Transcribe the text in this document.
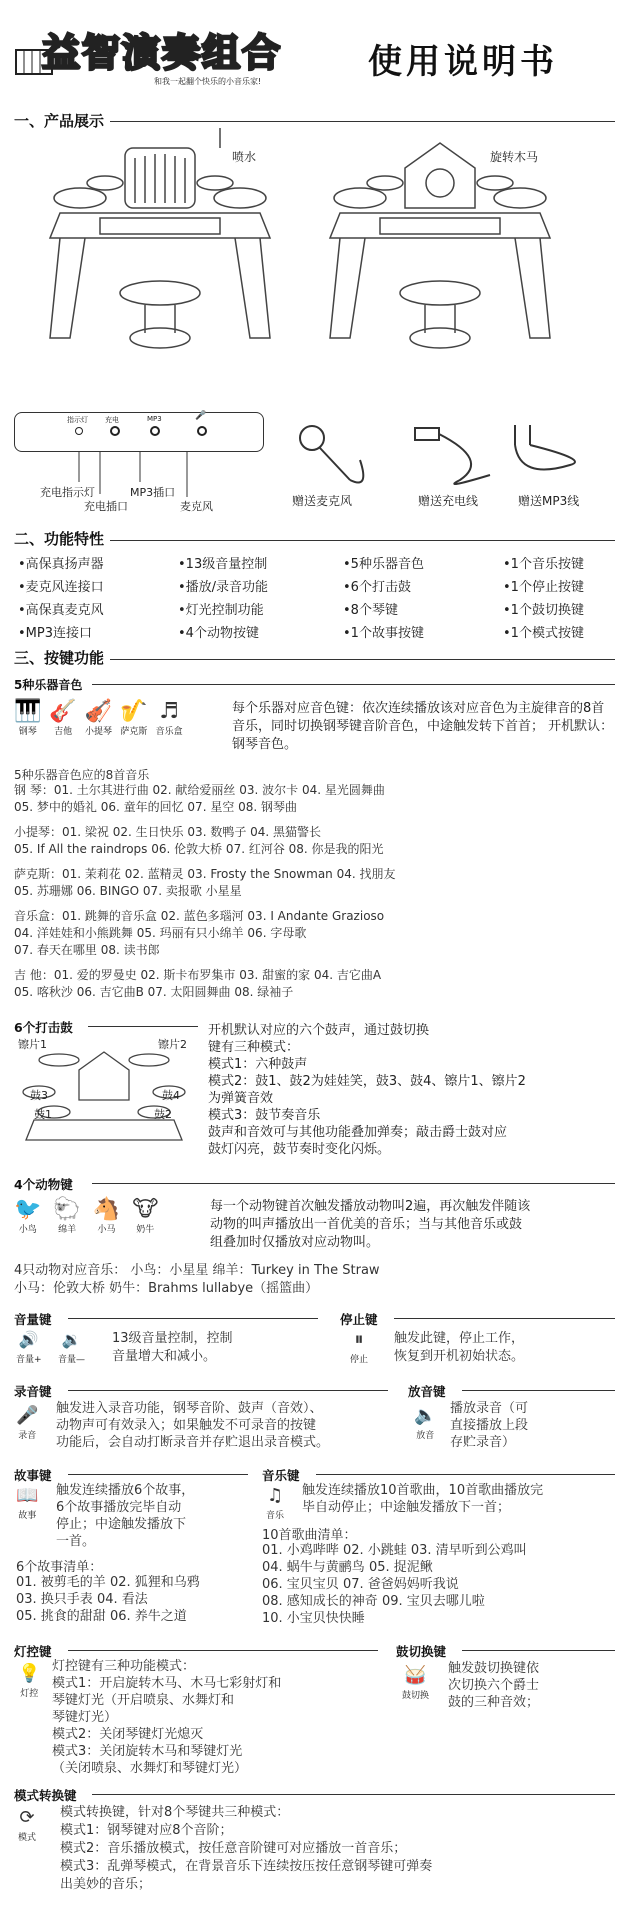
益智演奏组合
和我一起翻个快乐的小音乐家!	使用说明书
一、产品展示
喷水	旋转木马
指示灯 充电	MP3	🎤
充电指示灯
充电插口
MP3插口
麦克风	赠送麦克风	赠送充电线	赠送MP3线
二、功能特性
•高保真扬声器	•13级音量控制	•5种乐器音色	•1个音乐按键
•麦克风连接口	•播放/录音功能	•6个打击鼓	•1个停止按键
•高保真麦克风	•灯光控制功能	•8个琴键	•1个鼓切换键
•MP3连接口	•4个动物按键	•1个故事按键	•1个模式按键
三、按键功能
5种乐器音色
🎹
钢琴
🎸
吉他
🎻
小提琴
🎷
萨克斯
♬
音乐盒
每个乐器对应音色键：依次连续播放该对应音色为主旋律音的8首音乐，同时切换钢琴键音阶音色，中途触发转下首首； 开机默认：钢琴音色。
5种乐器音色应的8首音乐
钢 琴：01. 土尔其进行曲 02. 献给爱丽丝 03. 波尔卡 04. 星光圆舞曲
05. 梦中的婚礼 06. 童年的回忆 07. 星空 08. 钢琴曲
小提琴：01. 梁祝 02. 生日快乐 03. 数鸭子 04. 黑猫警长
05. If All the raindrops 06. 伦敦大桥 07. 红河谷 08. 你是我的阳光
萨克斯：01. 茉莉花 02. 蓝精灵 03. Frosty the Snowman 04. 找朋友
05. 苏珊娜 06. BINGO 07. 卖报歌 小星星
音乐盒：01. 跳舞的音乐盒 02. 蓝色多瑙河 03. I Andante Grazioso
04. 洋娃娃和小熊跳舞 05. 玛丽有只小绵羊 06. 字母歌
07. 春天在哪里 08. 读书郎
吉 他：01. 爱的罗曼史 02. 斯卡布罗集市 03. 甜蜜的家 04. 吉它曲A
05. 喀秋沙 06. 吉它曲B 07. 太阳圆舞曲 08. 绿袖子
6个打击鼓
镲片1	镲片2
鼓3	鼓4
鼓1	鼓2
开机默认对应的六个鼓声，通过鼓切换
键有三种模式：
模式1：六种鼓声
模式2：鼓1、鼓2为娃娃笑，鼓3、鼓4、镲片1、镲片2
为弹簧音效
模式3：鼓节奏音乐
鼓声和音效可与其他功能叠加弹奏；敲击爵士鼓对应
鼓灯闪亮，鼓节奏时变化闪烁。
4个动物键
🐦
小鸟
🐑
绵羊
🐴
小马
🐮
奶牛
每一个动物键首次触发播放动物叫2遍，再次触发伴随该
动物的叫声播放出一首优美的音乐；当与其他音乐或鼓
组叠加时仅播放对应动物叫。
4只动物对应音乐： 小鸟：小星星 绵羊：Turkey in The Straw
小马：伦敦大桥 奶牛：Brahms lullabye（摇篮曲）
音量键
🔊
音量+
🔉
音量—
13级音量控制，控制
音量增大和减小。
停止键
⏸
停止
触发此键，停止工作，
恢复到开机初始状态。
录音键
🎤
录音
触发进入录音功能，钢琴音阶、鼓声（音效）、
动物声可有效录入；如果触发不可录音的按键
功能后，会自动打断录音并存贮退出录音模式。
放音键
🔈
放音
播放录音（可
直接播放上段
存贮录音）
故事键
📖
故事
触发连续播放6个故事，
6个故事播放完毕自动
停止；中途触发播放下
一首。
6个故事清单：
01. 被剪毛的羊 02. 狐狸和乌鸦
03. 换只手表 04. 看法
05. 挑食的甜甜 06. 养牛之道
音乐键
♫
音乐
触发连续播放10首歌曲，10首歌曲播放完
毕自动停止；中途触发播放下一首；
10首歌曲清单：
01. 小鸡哔哔 02. 小跳蛙 03. 清早听到公鸡叫
04. 蜗牛与黄鹂鸟 05. 捉泥鳅
06. 宝贝宝贝 07. 爸爸妈妈听我说
08. 感知成长的神奇 09. 宝贝去哪儿啦
10. 小宝贝快快睡
灯控键
💡
灯控
灯控键有三种功能模式：
模式1：开启旋转木马、木马七彩射灯和
琴键灯光（开启喷泉、水舞灯和
琴键灯光）
模式2：关闭琴键灯光熄灭
模式3：关闭旋转木马和琴键灯光
（关闭喷泉、水舞灯和琴键灯光）
鼓切换键
🥁
鼓切换
触发鼓切换键依
次切换六个爵士
鼓的三种音效；
模式转换键
⟳
模式
模式转换键，针对8个琴键共三种模式：
模式1：钢琴键对应8个音阶；
模式2：音乐播放模式，按任意音阶键可对应播放一首音乐；
模式3：乱弹琴模式，在背景音乐下连续按压按任意钢琴键可弹奏
出美妙的音乐；
